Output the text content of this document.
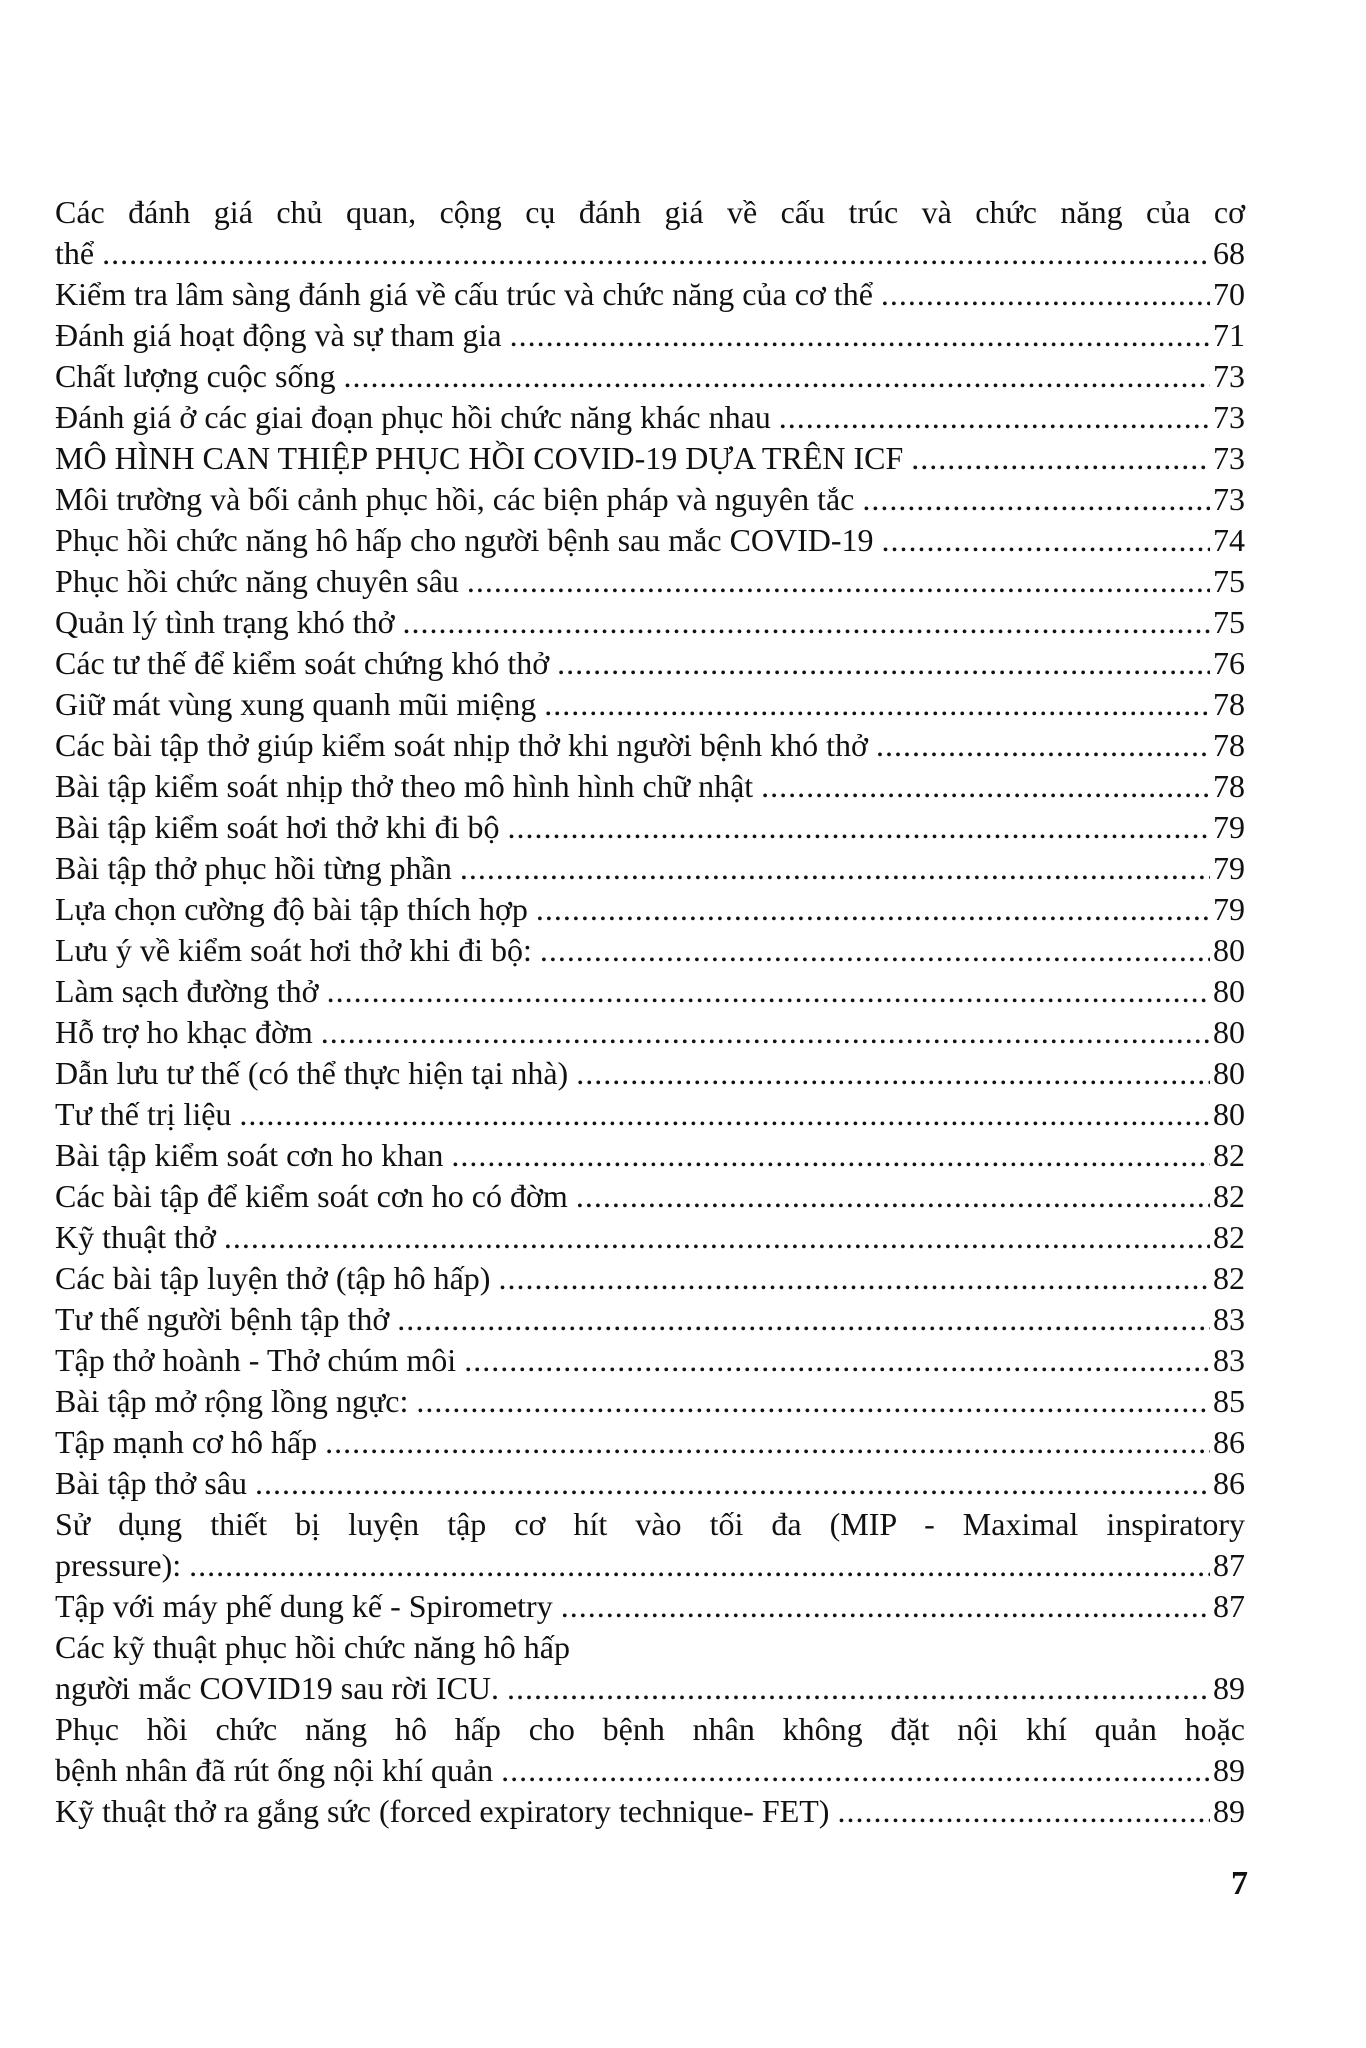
Các đánh giá chủ quan, cộng cụ đánh giá về cấu trúc và chức năng của cơ
thể .....	68
Kiểm tra lâm sàng đánh giá về cấu trúc và chức năng của cơ thể .....	70
Đánh giá hoạt động và sự tham gia .....	71
Chất lượng cuộc sống .....	73
Đánh giá ở các giai đoạn phục hồi chức năng khác nhau .....	73
MÔ HÌNH CAN THIỆP PHỤC HỒI COVID-19 DỰA TRÊN ICF .....	73
Môi trường và bối cảnh phục hồi, các biện pháp và nguyên tắc .....	73
Phục hồi chức năng hô hấp cho người bệnh sau mắc COVID-19 .....	74
Phục hồi chức năng chuyên sâu .....	75
Quản lý tình trạng khó thở .....	75
Các tư thế để kiểm soát chứng khó thở .....	76
Giữ mát vùng xung quanh mũi miệng .....	78
Các bài tập thở giúp kiểm soát nhịp thở khi người bệnh khó thở .....	78
Bài tập kiểm soát nhịp thở theo mô hình hình chữ nhật .....	78
Bài tập kiểm soát hơi thở khi đi bộ .....	79
Bài tập thở phục hồi từng phần .....	79
Lựa chọn cường độ bài tập thích hợp .....	79
Lưu ý về kiểm soát hơi thở khi đi bộ: .....	80
Làm sạch đường thở .....	80
Hỗ trợ ho khạc đờm .....	80
Dẫn lưu tư thế (có thể thực hiện tại nhà) .....	80
Tư thế trị liệu .....	80
Bài tập kiểm soát cơn ho khan .....	82
Các bài tập để kiểm soát cơn ho có đờm .....	82
Kỹ thuật thở .....	82
Các bài tập luyện thở (tập hô hấp) .....	82
Tư thế người bệnh tập thở .....	83
Tập thở hoành - Thở chúm môi .....	83
Bài tập mở rộng lồng ngực: .....	85
Tập mạnh cơ hô hấp .....	86
Bài tập thở sâu .....	86
Sử dụng thiết bị luyện tập cơ hít vào tối đa (MIP - Maximal inspiratory
pressure): .....	87
Tập với máy phế dung kế - Spirometry .....	87
Các kỹ thuật phục hồi chức năng hô hấp
người mắc COVID19 sau rời ICU. .....	89
Phục hồi chức năng hô hấp cho bệnh nhân không đặt nội khí quản hoặc
bệnh nhân đã rút ống nội khí quản .....	89
Kỹ thuật thở ra gắng sức (forced expiratory technique- FET) .....	89
7
